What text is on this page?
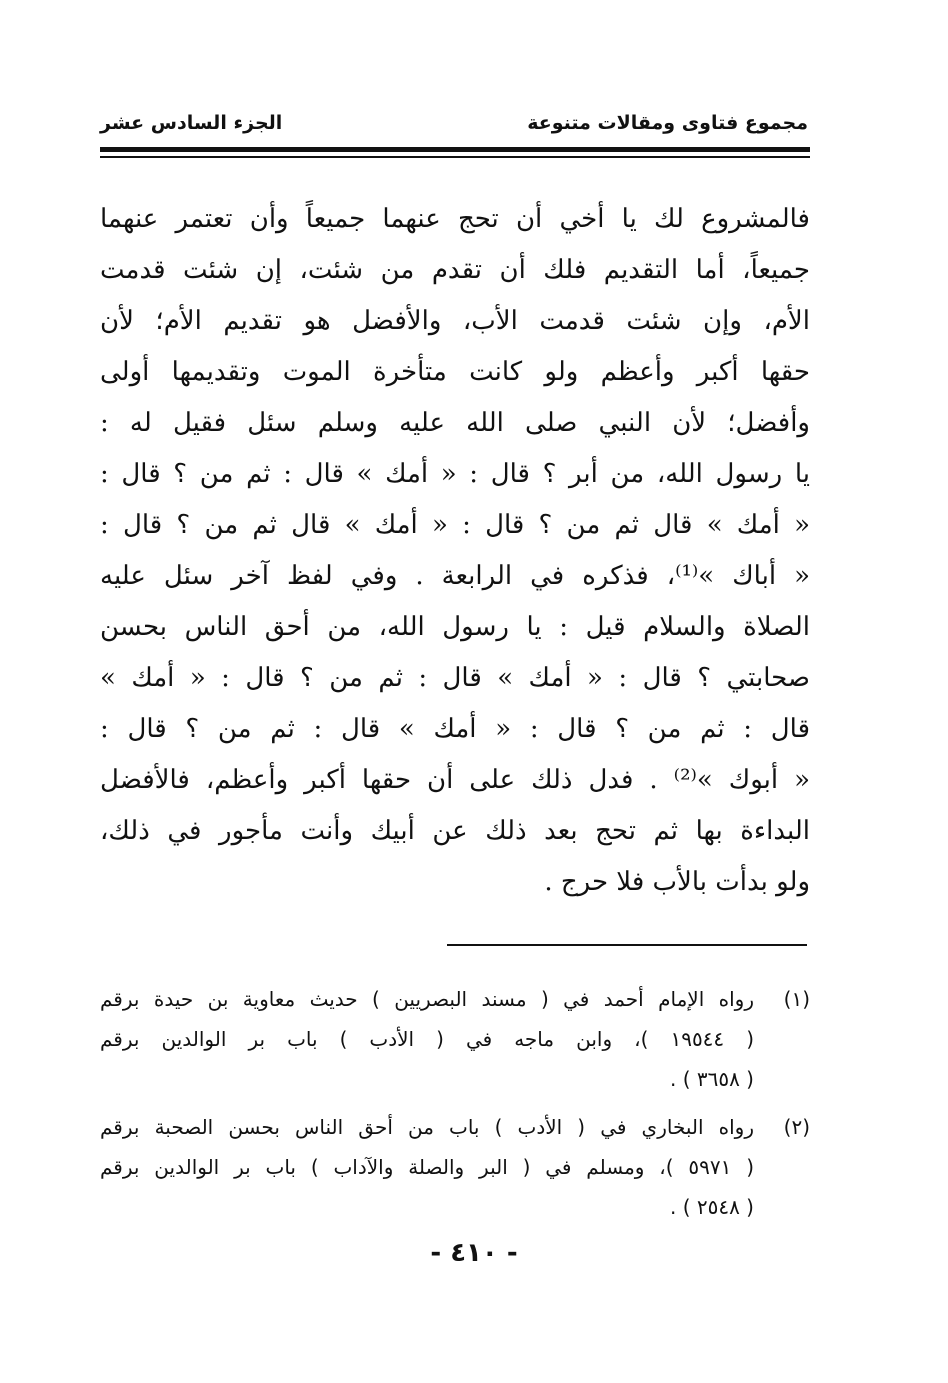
مجموع فتاوى ومقالات متنوعة
الجزء السادس عشر
فالمشروع لك يا أخي أن تحج عنهما جميعاً وأن تعتمر عنهما
جميعاً، أما التقديم فلك أن تقدم من شئت، إن شئت قدمت
الأم، وإن شئت قدمت الأب، والأفضل هو تقديم الأم؛ لأن
حقها أكبر وأعظم ولو كانت متأخرة الموت وتقديمها أولى
وأفضل؛ لأن النبي صلى الله عليه وسلم سئل فقيل له :
يا رسول الله، من أبر ؟ قال : « أمك » قال : ثم من ؟ قال :
« أمك » قال ثم من ؟ قال : « أمك » قال ثم من ؟ قال :
« أباك »⁽¹⁾، فذكره في الرابعة . وفي لفظ آخر سئل عليه
الصلاة والسلام قيل : يا رسول الله، من أحق الناس بحسن
صحابتي ؟ قال : « أمك » قال : ثم من ؟ قال : « أمك »
قال : ثم من ؟ قال : « أمك » قال : ثم من ؟ قال :
« أبوك »⁽²⁾ . فدل ذلك على أن حقها أكبر وأعظم، فالأفضل
البداءة بها ثم تحج بعد ذلك عن أبيك وأنت مأجور في ذلك،
ولو بدأت بالأب فلا حرج .
(١)
رواه الإمام أحمد في ( مسند البصريين ) حديث معاوية بن حيدة برقم
( ١٩٥٤٤ )، وابن ماجه في ( الأدب ) باب بر الوالدين برقم
( ٣٦٥٨ ) .
(٢)
رواه البخاري في ( الأدب ) باب من أحق الناس بحسن الصحبة برقم
( ٥٩٧١ )، ومسلم في ( البر والصلة والآداب ) باب بر الوالدين برقم
( ٢٥٤٨ ) .
- ٤١٠ -
